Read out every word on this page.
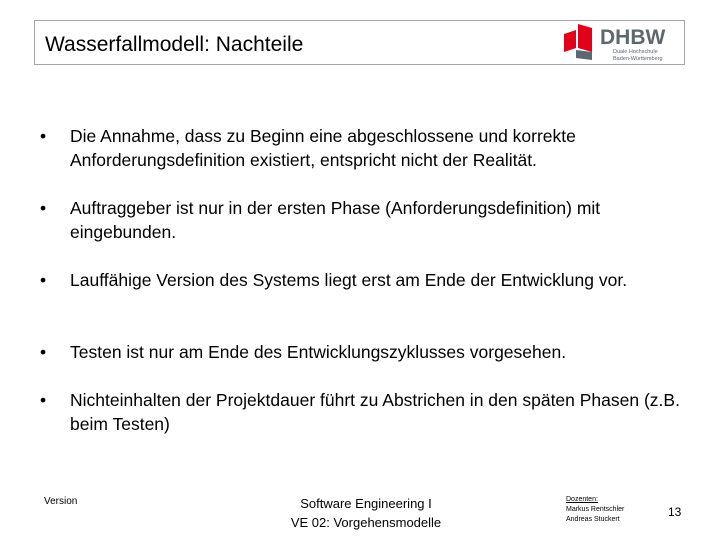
Wasserfallmodell: Nachteile	DHBW
Duale Hochschule
Baden-Württemberg
•	Die Annahme, dass zu Beginn eine abgeschlossene und korrekte Anforderungsdefinition existiert, entspricht nicht der Realität.
•	Auftraggeber ist nur in der ersten Phase (Anforderungsdefinition) mit eingebunden.
•	Lauffähige Version des Systems liegt erst am Ende der Entwicklung vor.
•	Testen ist nur am Ende des Entwicklungszyklusses vorgesehen.
•	Nichteinhalten der Projektdauer führt zu Abstrichen in den späten Phasen (z.B. beim Testen)
Version	Software Engineering I
VE 02: Vorgehensmodelle
Dozenten:
Markus Rentschler
Andreas Stuckert
13
